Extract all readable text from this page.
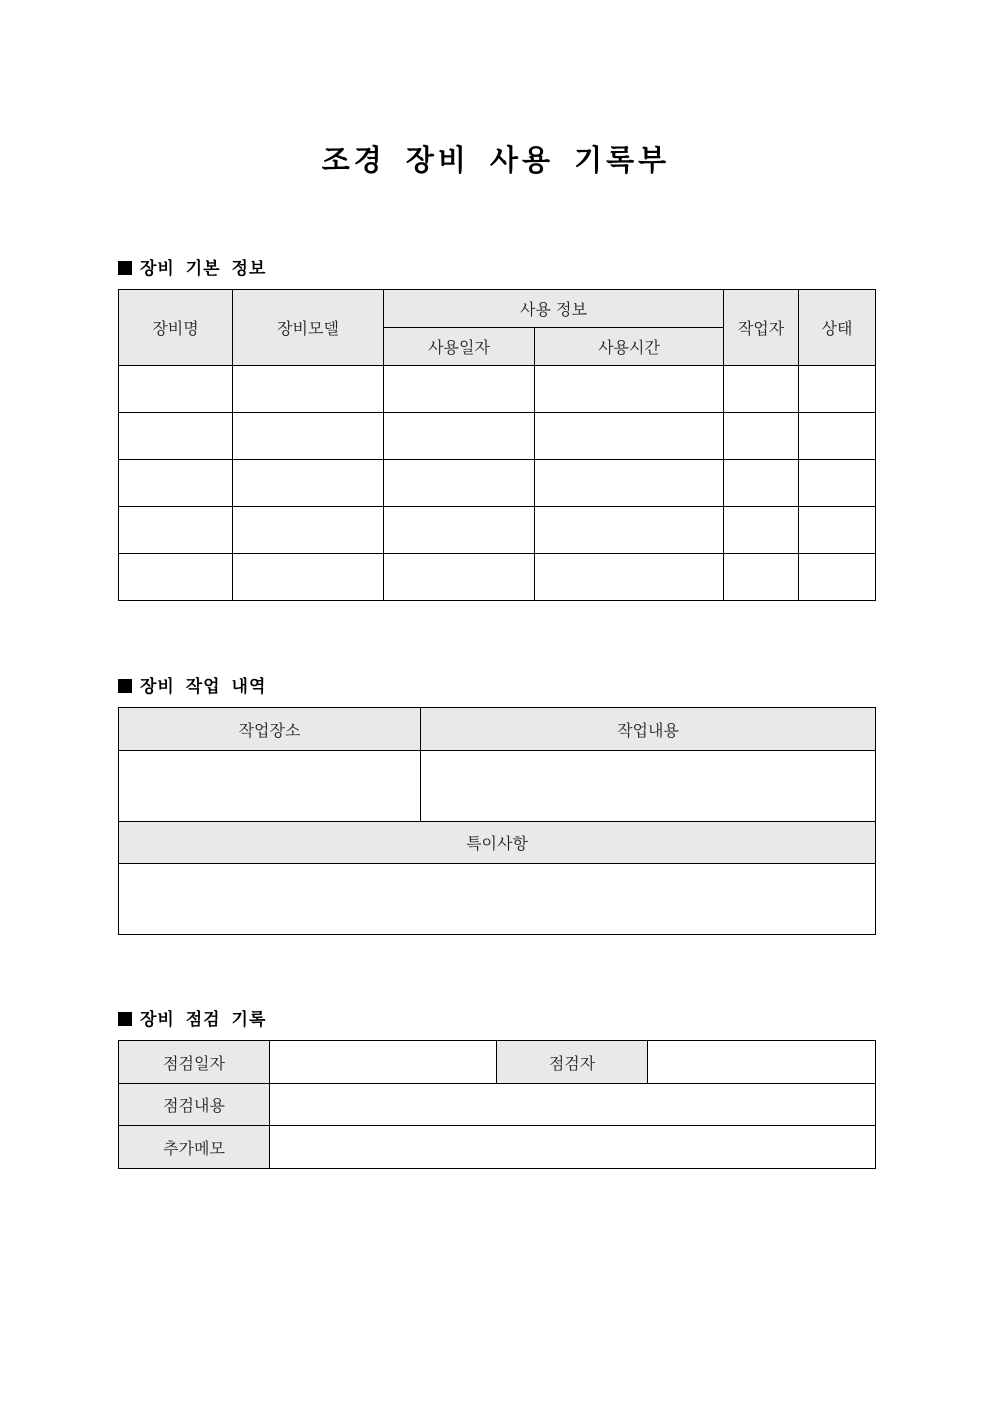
조경 장비 사용 기록부
장비 기본 정보
장비명	장비모델	사용 정보		작업자	상태
		사용일자	사용시간		

장비 작업 내역
작업장소	작업내용

특이사항	

장비 점검 기록
점검일자		점검자	
점검내용			
추가메모			
